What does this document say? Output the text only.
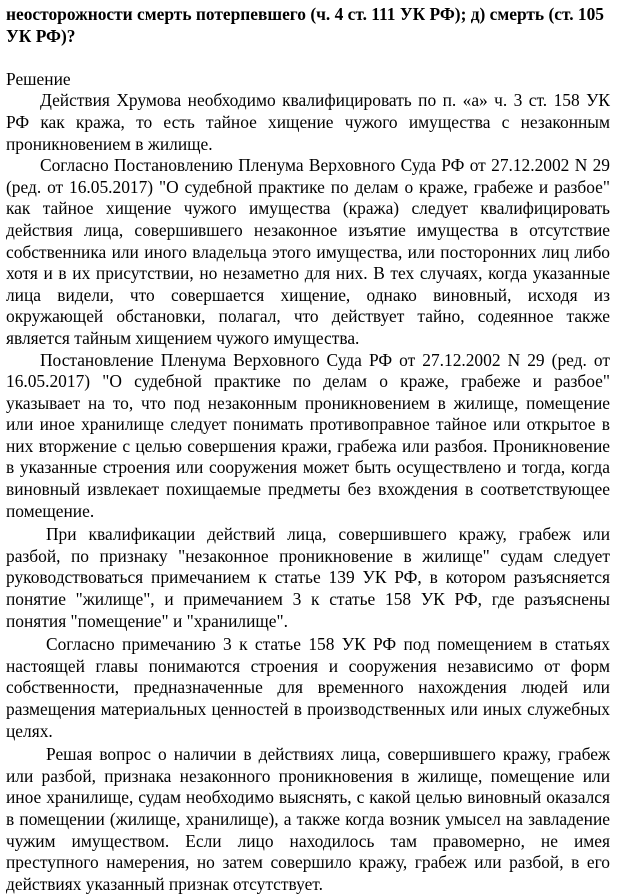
неосторожности смерть потерпевшего (ч. 4 ст. 111 УК РФ); д) смерть (ст. 105 УК РФ)?

Решение

Действия Хрумова необходимо квалифицировать по п. «а» ч. 3 ст. 158 УК РФ как кража, то есть тайное хищение чужого имущества с незаконным проникновением в жилище.

Согласно Постановлению Пленума Верховного Суда РФ от 27.12.2002 N 29 (ред. от 16.05.2017) "О судебной практике по делам о краже, грабеже и разбое" как тайное хищение чужого имущества (кража) следует квалифицировать действия лица, совершившего незаконное изъятие имущества в отсутствие собственника или иного владельца этого имущества, или посторонних лиц либо хотя и в их присутствии, но незаметно для них. В тех случаях, когда указанные лица видели, что совершается хищение, однако виновный, исходя из окружающей обстановки, полагал, что действует тайно, содеянное также является тайным хищением чужого имущества.

Постановление Пленума Верховного Суда РФ от 27.12.2002 N 29 (ред. от 16.05.2017) "О судебной практике по делам о краже, грабеже и разбое" указывает на то, что под незаконным проникновением в жилище, помещение или иное хранилище следует понимать противоправное тайное или открытое в них вторжение с целью совершения кражи, грабежа или разбоя. Проникновение в указанные строения или сооружения может быть осуществлено и тогда, когда виновный извлекает похищаемые предметы без вхождения в соответствующее помещение.

При квалификации действий лица, совершившего кражу, грабеж или разбой, по признаку "незаконное проникновение в жилище" судам следует руководствоваться примечанием к статье 139 УК РФ, в котором разъясняется понятие "жилище", и примечанием 3 к статье 158 УК РФ, где разъяснены понятия "помещение" и "хранилище".

Согласно примечанию 3 к статье 158 УК РФ под помещением в статьях настоящей главы понимаются строения и сооружения независимо от форм собственности, предназначенные для временного нахождения людей или размещения материальных ценностей в производственных или иных служебных целях.

Решая вопрос о наличии в действиях лица, совершившего кражу, грабеж или разбой, признака незаконного проникновения в жилище, помещение или иное хранилище, судам необходимо выяснять, с какой целью виновный оказался в помещении (жилище, хранилище), а также когда возник умысел на завладение чужим имуществом. Если лицо находилось там правомерно, не имея преступного намерения, но затем совершило кражу, грабеж или разбой, в его действиях указанный признак отсутствует.
